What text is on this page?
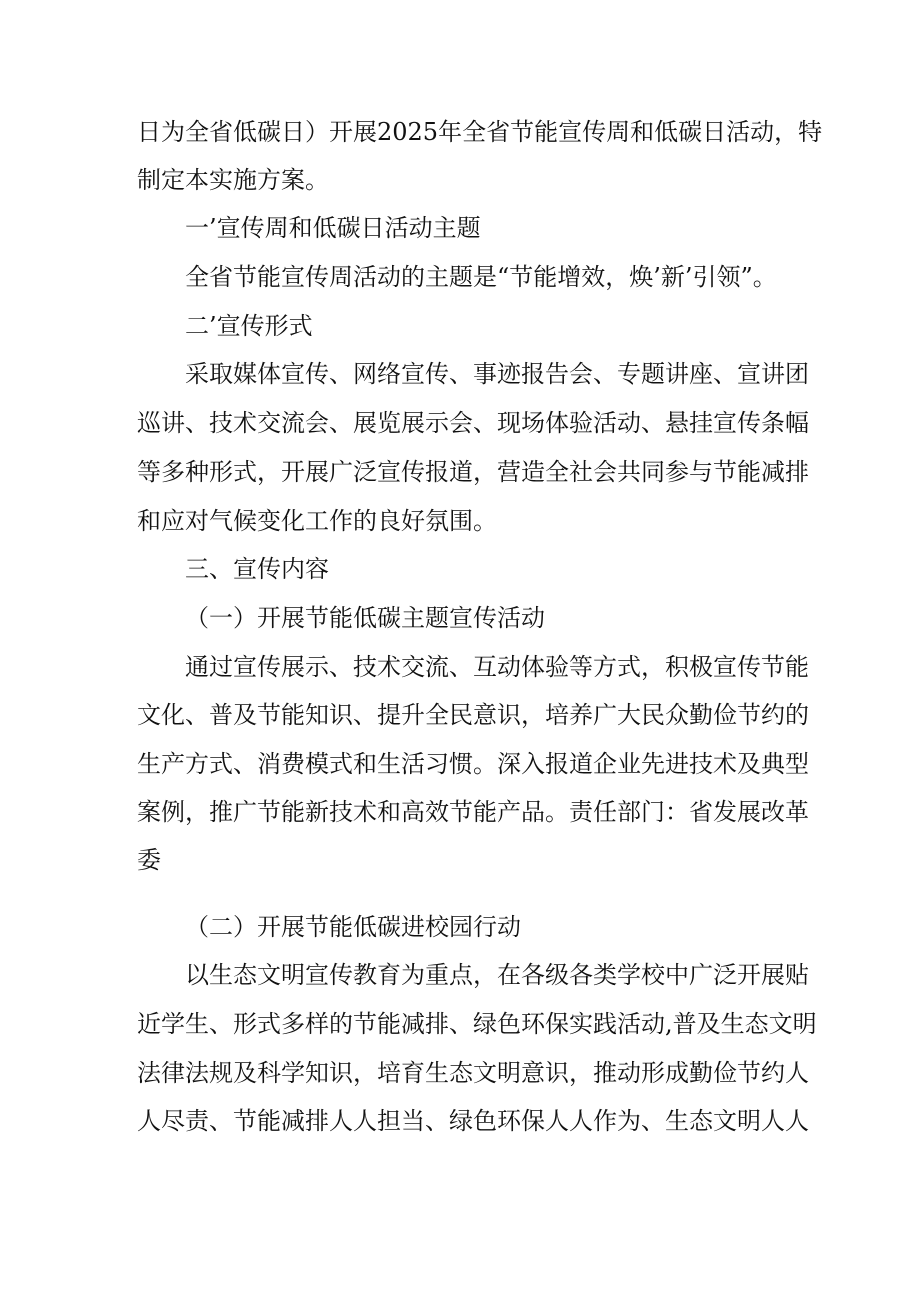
日为全省低碳日）开展2025年全省节能宣传周和低碳日活动，特
制定本实施方案。
一’宣传周和低碳日活动主题
全省节能宣传周活动的主题是“节能增效，焕’新’引领”。
二’宣传形式
采取媒体宣传、网络宣传、事迹报告会、专题讲座、宣讲团
巡讲、技术交流会、展览展示会、现场体验活动、悬挂宣传条幅
等多种形式，开展广泛宣传报道，营造全社会共同参与节能减排
和应对气候变化工作的良好氛围。
三、宣传内容
（一）开展节能低碳主题宣传活动
通过宣传展示、技术交流、互动体验等方式，积极宣传节能
文化、普及节能知识、提升全民意识，培养广大民众勤俭节约的
生产方式、消费模式和生活习惯。深入报道企业先进技术及典型
案例，推广节能新技术和高效节能产品。责任部门：省发展改革
委
（二）开展节能低碳进校园行动
以生态文明宣传教育为重点，在各级各类学校中广泛开展贴
近学生、形式多样的节能减排、绿色环保实践活动,普及生态文明
法律法规及科学知识，培育生态文明意识，推动形成勤俭节约人
人尽责、节能减排人人担当、绿色环保人人作为、生态文明人人
